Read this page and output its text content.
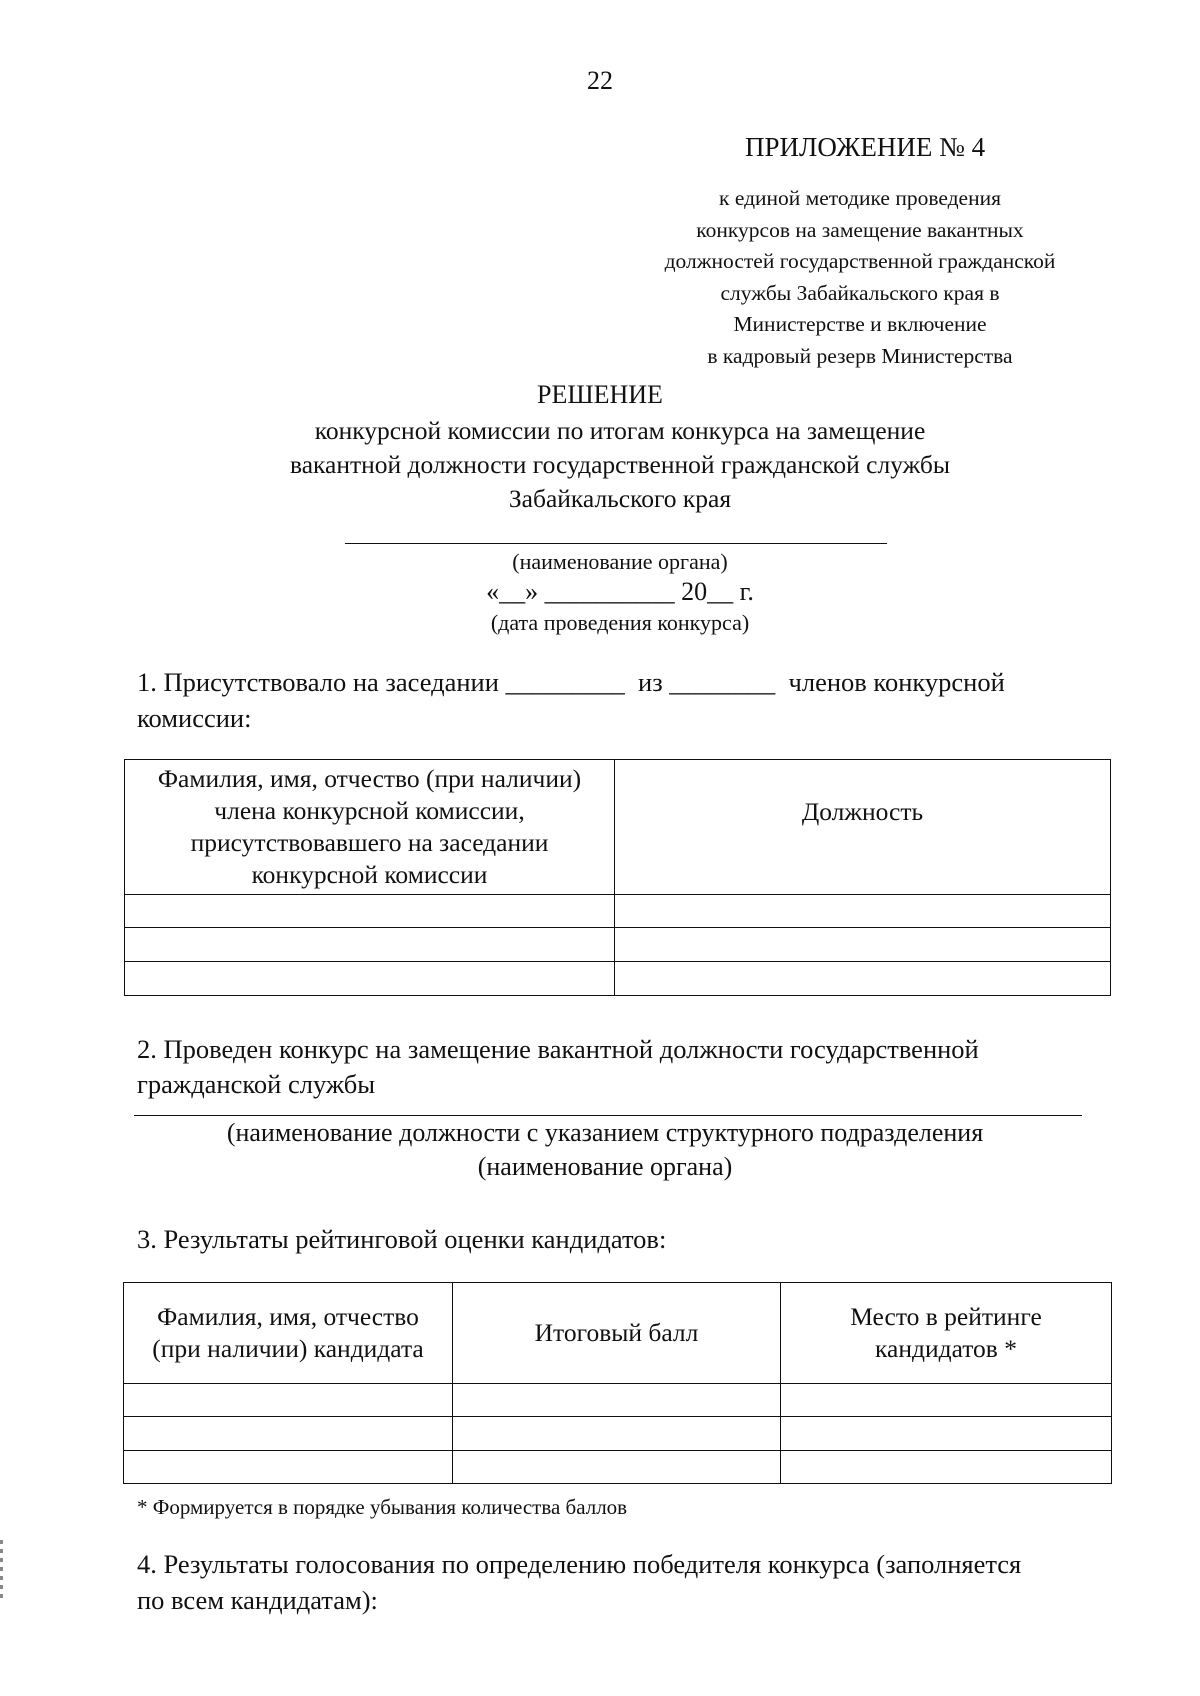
22
ПРИЛОЖЕНИЕ № 4
к единой методике проведения
конкурсов на замещение вакантных
должностей государственной гражданской
службы Забайкальского края в
Министерстве и включение
в кадровый резерв Министерства
РЕШЕНИЕ
конкурсной комиссии по итогам конкурса на замещение
вакантной должности государственной гражданской службы
Забайкальского края
(наименование органа)
«__» __________ 20__ г.
(дата проведения конкурса)
1. Присутствовало на заседании _________  из ________  членов конкурсной
комиссии:
Фамилия, имя, отчество (при наличии) члена конкурсной комиссии, присутствовавшего на заседании конкурсной комиссии	Должность

2. Проведен конкурс на замещение вакантной должности государственной
гражданской службы
(наименование должности с указанием структурного подразделения
(наименование органа)
3. Результаты рейтинговой оценки кандидатов:
Фамилия, имя, отчество (при наличии) кандидата	Итоговый балл	Место в рейтинге кандидатов *

* Формируется в порядке убывания количества баллов
4. Результаты голосования по определению победителя конкурса (заполняется
по всем кандидатам):
